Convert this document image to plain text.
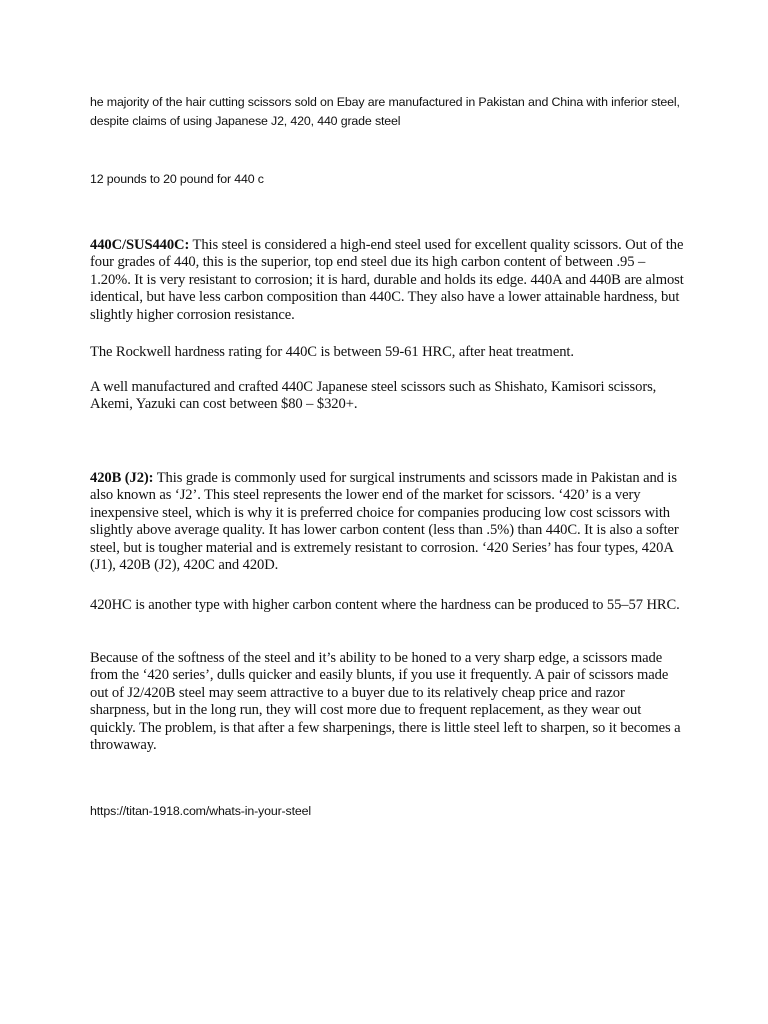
he majority of the hair cutting scissors sold on Ebay are manufactured in Pakistan and China with inferior steel, despite claims of using Japanese J2, 420, 440 grade steel

12 pounds to 20 pound for 440 c

440C/SUS440C: This steel is considered a high-end steel used for excellent quality scissors. Out of the four grades of 440, this is the superior, top end steel due its high carbon content of between .95 – 1.20%. It is very resistant to corrosion; it is hard, durable and holds its edge. 440A and 440B are almost identical, but have less carbon composition than 440C. They also have a lower attainable hardness, but slightly higher corrosion resistance.

The Rockwell hardness rating for 440C is between 59-61 HRC, after heat treatment.

A well manufactured and crafted 440C Japanese steel scissors such as Shishato, Kamisori scissors, Akemi, Yazuki can cost between $80 – $320+.

420B (J2): This grade is commonly used for surgical instruments and scissors made in Pakistan and is also known as ‘J2’. This steel represents the lower end of the market for scissors. ‘420’ is a very inexpensive steel, which is why it is preferred choice for companies producing low cost scissors with slightly above average quality. It has lower carbon content (less than .5%) than 440C. It is also a softer steel, but is tougher material and is extremely resistant to corrosion. ‘420 Series’ has four types, 420A (J1), 420B (J2), 420C and 420D.

420HC is another type with higher carbon content where the hardness can be produced to 55–57 HRC.

Because of the softness of the steel and it’s ability to be honed to a very sharp edge, a scissors made from the ‘420 series’, dulls quicker and easily blunts, if you use it frequently. A pair of scissors made out of J2/420B steel may seem attractive to a buyer due to its relatively cheap price and razor sharpness, but in the long run, they will cost more due to frequent replacement, as they wear out quickly. The problem, is that after a few sharpenings, there is little steel left to sharpen, so it becomes a throwaway.

https://titan-1918.com/whats-in-your-steel
